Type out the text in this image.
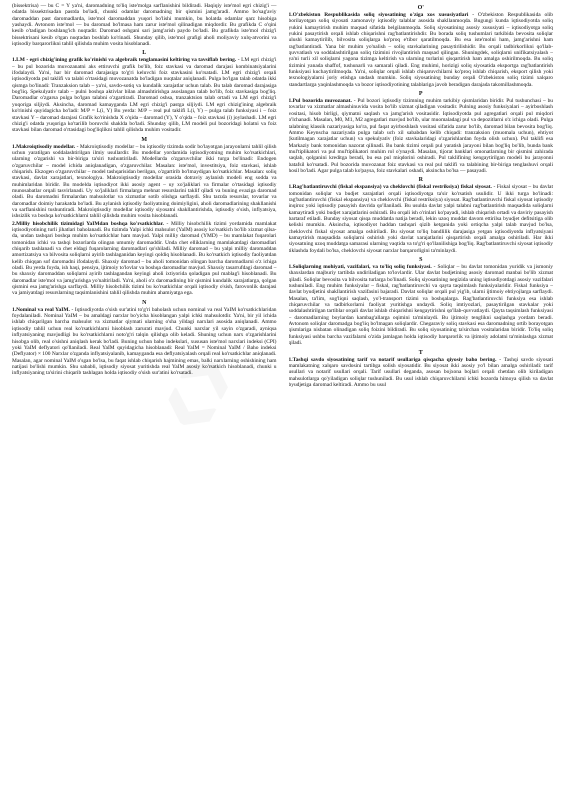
(bissektrisa) — bu C = Y ya'ni, daromadning to'liq iste'molga sarflanishini bildiradi. Haqiqiy iste'mol egri chizig'i — odatda bissektrisadan pastda bo'ladi, chunki odamlar daromadning bir qismini jamg'aradi. Ammo bo'sag'aviy daromaddan past daromadlarda, iste'mol daromaddan yuqori bo'lishi mumkin, bu holatda odamlar qarz hisobiga yashaydi. Avtonom iste'mol — bu daromad bo'lmasa ham zarur iste'mol qilinadigan miqdordir. Bu grafikda C o'qini kesib o'tadigan boshlang'ich nuqtadir. Daromad oshgani sari jamg'arish paydo bo'ladi. Bu grafikda iste'mol chizig'i bissektrisani kesib o'tgan nuqtadan boshlab ko'rinadi. Shunday qilib, iste'mol grafigi aholi moliyaviy xulq-atvorini va iqtisodiy barqarorlikni tahlil qilishda muhim vosita hisoblanadi.

L

1.LM - egri chizig'ining grafik ko'rinishi va algebraik tenglamasini keltiring va tavsiflab bering. - LM egri chizig'i – bu pul bozorida muvozanatni aks ettiruvchi grafik bo'lib, foiz stavkasi va daromad darajasi kombinatsiyalarini ifodalaydi. Ya'ni, har bir daromad darajasiga to'g'ri keluvchi foiz stavkasini ko'rsatadi. LM egri chizig'i orqali iqtisodiyotda pul taklifi va talabi o'rtasidagi muvozanatda bo'ladigan nuqtalar aniqlanadi. Pulga bo'lgan talab odatda ikki qismga bo'linadi: Tranzaksion talab – ya'ni, savdo-sotiq va kundalik xarajatlar uchun talab. Bu talab daromad darajasiga bog'liq. Spekulyativ talab – pulni boshqa aktivlar bilan almashtirishga asoslangan talab bo'lib, foiz stavkasiga bog'liq. Daromadlar o'zgarsa pulga bo'lgan talabni o'zgartiradi. Daromad oshsa, tranzaktsion talab ortadi va LM egri chizig'i yuqoriga siljiydi. Aksincha, daromad kamayganda LM egri chizig'i pastga siljiydi. LM egri chizig'ining algebraik ko'rinishi quyidagicha bo'ladi: M/P = L(i, Y) Bu yerda: M/P – real pul taklifi L(i, Y) – pulga talab funksiyasi i – foiz stavkasi Y – daromad darajasi Grafik ko'rinishda X o'qida – daromad (Y), Y o'qida – foiz stavkasi (i) joylashadi. LM egri chizig'i odatda yuqoriga ko'tarilib boruvchi shaklda bo'ladi. Shunday qilib, LM modeli pul bozoridagi holatni va foiz stavkasi bilan daromad o'rtasidagi bog'liqlikni tahlil qilishda muhim vositadir.

M

1.Makroiqtisodiy modellar. - Makroiqtisodiy modellar – bu iqtisodiy tizimda sodir bo'layotgan jarayonlarni tahlil qilish uchun yaratilgan soddalashtirilgan ilmiy usullardir. Bu modellar yordamida iqtisodiyotning muhim ko'rsatkichlari, ularning o'zgarishi va bir-biriga ta'siri tushuntiriladi. Modellarda o'zgaruvchilar ikki turga bo'linadi: Endogen o'zgaruvchilar – model ichida aniqlanadigan, o'zgaruvchilar. Masalan: iste'mol, investitsiya, foiz stavkasi, ishlab chiqarish. Ekzogen o'zgaruvchilar – model tashqarisidan berilgan, o'zgartirib bo'lmaydigan ko'rsatkichlar. Masalan: soliq stavkasi, davlat xarajatlari, texnologiya. Makroiqtisodiy modellar orasida dotraviy aylanish modeli eng sodda va muhimlaridan biridir. Bu modelda iqtisodiyot ikki asosiy agent – uy xo'jaliklari va firmalar o'rtasidagi iqtisodiy munosabatlar orqali tasvirlanadi. Uy xo'jaliklari firmalarga mehnat resurslarini taklif qiladi va buning evaziga daromad oladi. Bu daromadni firmalardan mahsulotlar va xizmatlar sotib olishga sarflaydi. Shu tarzda resurslar, tovarlar va daromadlar doimiy harakatda bo'ladi. Bu aylanish iqtisodiy faoliyatning doimiyligini, aholi daromadlarining shakllanishi va sarflanishini tushuntiradi. Makroiqtisodiy modellar iqtisodiy siyosatni shakllantirishda, iqtisodiy o'sish, inflyatsiya, ishsizlik va boshqa ko'rsatkichlarni tahlil qilishda muhim vosita hisoblanadi.

2.Milliy hisobchilik tizimidagi YaIMdan boshqa ko'rsatkichlar. - Milliy hisobchilik tizimi yordamida mamlakat iqtisodiyotining turli jihatlari baholanadi. Bu tizimda Yalpi ichki mahsulot (YaIM) asosiy ko'rsatkich bo'lib xizmat qilsa-da, undan tashqari boshqa muhim ko'rsatkichlar ham mavjud. Yalpi milliy daromad (YMD) – bu mamlakat fuqarolari tomonidan ichki va tashqi bozorlarda olingan umumiy daromaddir. Unda chet elliklarning mamlakatdagi daromadlari chiqarib tashlanadi va chet eldagi fuqarolarning daromadlari qo'shiladi. Milliy daromad – bu yalpi milliy daromaddan amortizatsiya va bilvosita soliqlarni ayirib tashlaganidan keyingi qoldiq hisoblanadi. Bu ko'rsatkich iqtisodiy faoliyatdan kelib chiqqan sof daromadni ifodalaydi. Shaxsiy daromad – bu aholi tomonidan olingan barcha daromadlarni o'z ichiga oladi. Bu yerda foyda, ish haqi, pensiya, ijtimoiy to'lovlar va boshqa daromadlar mavjud. Shaxsiy tasarrufdagi daromad – bu shaxsiy daromaddan soliqlarni ayirib tashlagandan keyingi aholi ixtiyorida qoladigan pul mablag'i hisoblanadi. Bu daromadlar iste'mol va jamg'arishga yo'naltiriladi. Ya'ni, aholi o'z daromadining bir qismini kundalik xarajatlarga, qolgan qismini esa jamg'arishga sarflaydi. Milliy hisobchilik tizimi bu ko'rsatkichlar orqali iqtisodiy o'sish, farovonlik darajasi va jamiyatdagi resurslarning taqsimlanishini tahlil qilishda muhim ahamiyatga ega.

N

1.Nominal va real YaIM. - Iqtisodiyotda o'sish sur'atini to'g'ri baholash uchun nominal va real YaIM ko'rsatkichlaridan foydalaniladi. Nominal YaIM – bu amaldagi narxlar bo'yicha hisoblangan yalpi ichki mahsulotdir. Ya'ni, bir yil ichida ishlab chiqarilgan barcha mahsulot va xizmatlar qiymati ularning o'sha yildagi narxlari asosida aniqlanadi. Ammo iqtisodiy tahlil uchun real ko'rsatkichlarni hisoblash zarurati mavjud. Chunki narxlar yil sayin o'zgaradi, ayniqsa inflyatsiyaning mavjudligi bu ko'rsatkichlarni noto'g'ri talqin qilishga olib keladi. Shuning uchun narx o'zgarishlarini hisobga olib, real o'sishni aniqlash kerak bo'ladi. Buning uchun baho indekslari, xususan iste'mol narxlari indeksi (CPI) yoki YaIM deflyatori qo'llaniladi. Real YaIM quyidagicha hisoblanadi: Real YaIM = Nominal YaIM / Baho indeksi (Deflyator) × 100 Narxlar o'zganda inflyatsiyalanib, kamayganda esa deflyatsiyalash orqali real ko'rsatkichlar aniqlanadi. Masalan, agar nominal YaIM o'sgan bo'lsa, bu faqat ishlab chiqarish hajmining emas, balki narxlarning oshishining ham natijasi bo'lishi mumkin. Shu sababli, iqtisodiy siyosat yuritishda real YaIM asosiy ko'rsatkich hisoblanadi, chunki u inflyatsiyaning ta'sirini chiqarib tashlagan holda iqtisodiy o'sish sur'atini ko'rsatadi.

O'

1.O'zbekiston Respublikasida soliq siyosatining o'ziga xos xususiyatlari - O'zbekiston Respublikasida olib borilayotgan soliq siyosati zamonaviy iqtisodiy talablar asosida shakllanmoqda. Bugungi kunda iqtisodiyotda soliq yukini kamaytirish muhim maqsad sifatida belgilanmoqda. Soliq siyosatining asosiy xususiyati – iqtisodiyotga soliq yukini pasaytirish orqali ishlab chiqarishni rag'batlantirishdir. Bu borada soliq tushumlari tarkibida bevosita soliqlar ulushi kamaytirilib, bilvosita soliqlarga ko'proq e'tibor qaratilmoqda. Bu esa iste'molni ham, jamg'arishni ham rag'batlantiradi. Yana bir muhim yo'nalish – soliq stavkalarining pasaytirilishidir. Bu orqali tadbirkorlikni qo'llab-quvvatlash va soddalashtirilgan soliq tizimini rivojlantirish maqsad qilingan. Shuningdek, soliqlarni unifikatsiyalash – ya'ni turli xil soliqlarni yagona tizimga keltirish va ularning turlarini qisqartirish ham amalga oshirilmoqda. Bu soliq tizimini yanada shaffof, tushunarli va samarali qiladi. Eng muhimi, horizigi soliq siyosatida eksportga rag'batlantirish funksiyasi kuchaytirilmoqda. Ya'ni, soliqlar orqali ishlab chiqaruvchilarni ko'proq ishlab chiqarish, eksport qilish yoki texnologiyalarni joriy etishga undash mumkin. Soliq siyosatining bunday orqali O'zbekiston soliq tizimi xalqaro standartlarga yaqinlashmoqda va bozor iqtisodiyotining talablariga javob beradigan darajada takomillashmoqda.

P

1.Pul bozorida muvozanat. - Pul bozori iqtisodiy tizimning muhim tarkibiy qismlaridan biridir. Pul tushunchasi – bu tovarlar va xizmatlar almashinuvida vosita bo'lib xizmat qiladigan vositadir. Pulning asosiy funksiyalari – ayirboshlash vositasi, hisob birligi, qiymatni saqlash va jamg'arish vositasidir. Iqtisodiyotda pul agregatlari orqali pul miqdori o'lchanadi. Masalan, M0, M1, M2 agregatlari mavjud bo'lib, ular muomaladagi pul va depozitlarni o'z ichiga oladi. Pulga talabning klassik nazariyasiga ko'ra, pul faqat ayirboshlash vositasi sifatida zarur bo'lib, daromad bilan bevosita bog'liq. Ammo Keynscha nazariyada pulga talab uch xil sababdan kelib chiqadi: tranzaksion (muomala uchun), ehtiyot (kutilmagan xarajatlar uchun) va spekulyativ (foiz stavkalaridagi o'zgarishlardan foyda olish uchun). Pul taklifi esa Markaziy bank tomonidan nazorat qilinadi. Bu bank tizimi orqali pul yaratish jarayoni bilan bog'liq bo'lib, bunda bank mul'tiplikatori va pul mul'tiplikatori muhim rol o'ynaydi. Masalan, tijorat banklari omonatlarning bir qismini zahirada saqlab, qolganini kreditga beradi, bu esa pul miqdorini oshiradi. Pul taklifining kengaytirilgan modeli bu jarayonni batafsil ko'rsatadi. Pul bozorida muvozanat foiz stavkasi va real pul taklifi va talabining bir-biriga tenglashuvi orqali hosil bo'ladi. Agar pulga talab ko'paysa, foiz stavkalari oshadi, aksincha bo'lsa — pasayadi.

R

1.Rag'batlantiruvchi (fiskal ekspansiya) va cheklovchi (fiskal restriksiya) fiskal siyosat. - Fiskal siyosat – bu davlat tomonidan soliqlar va budjet xarajatlari orqali iqtisodiyotga ta'sir ko'rsatish usulidir. U ikki turga bo'linadi: rag'batlantiruvchi (fiskal ekspansiya) va cheklovchi (fiskal restriksiya) siyosat. Rag'batlantiruvchi fiskal siyosat iqtisodiy inqiroz yoki iqtisodiy pasayish davrida qo'llaniladi. Bu usulda davlat yalpi talabni rag'batlantirish maqsadida soliqlarni kamaytiradi yoki budjet xarajatlarini oshiradi. Bu orqali ish o'rinlari ko'payadi, ishlab chiqarish ortadi va daviriy pasayish bartaraf etiladi. Bunday siyosat qisqa muddatda natija beradi, lekin uzoq muddat davom ettirilsa byudjet defitsitiga olib kelishi mumkin. Aksincha, iqtisodiyot haddan tashqari qizib ketganida yoki ortiqcha yalpi talab mavjud bo'lsa, cheklovchi fiskal siyosat amalga oshiriladi. Bu siyosat to'liq bandlilik darajasiga yetgan iqtisodiyotda inflyatsiyani kamaytirish maqsadida soliqlarni oshirish yoki davlat xarajatlarini qisqartirish orqali amalga oshiriladi. Har ikki siyosatning uzoq muddatga samarasi ularning vaqtida va to'g'ri qo'llanilishiga bog'liq. Rag'batlantiruvchi siyosat iqtisodiy tiklashda foydali bo'lsa, cheklovchi siyosat narxlar barqarorligini ta'minlaydi.

S

1.Soliqlarning mohiyati, vazifalari, va to'liq soliq funksiyasi. - Soliqlar – bu davlat tomonidan yuridik va jismoniy shaxslardan majburiy tartibda undiriladigan to'lovlardir. Ular davlat budjetining asosiy daromad manbai bo'lib xizmat qiladi. Soliqlar bevosita va bilvosita turlarga bo'linadi. Soliq siyosatining negizida uning iqtisodiyotdagi asosiy vazifalari tushuniladi. Eng muhim funksiyalar – fiskal, rag'batlantiruvchi va qayta taqsimlash funksiyalaridir. Fiskal funksiya – davlat byudjetini shakllantirish vazifasini bajaradi. Davlat soliqlar orqali pul yig'ib, ularni ijtimoiy ehtiyojlarga sarflaydi. Masalan, ta'lim, sog'liqni saqlash, yo'l-transport tizimi va boshqalarga. Rag'batlantiruvchi funksiya esa ishlab chiqaruvchilar va tadbirkorlarni faoliyat yuritishga undaydi. Soliq imtiyozlari, pasaytirilgan stavkalar yoki soddalashtirilgan tartiblar orqali davlat ishlab chiqarishni kengaytirishni qo'llab-quvvatlaydi. Qayta taqsimlash funksiyasi – daromadlarning boylardan kambag'allarga oqimini ta'minlaydi. Bu ijtimoiy tenglikni saqlashga yordam beradi. Avtonom soliqlar daromadga bog'liq bo'lmagan soliqlardir. Chegaraviy soliq stavkasi esa daromadning ortib borayotgan qismlariga nisbatan olinadigan soliq foizini bildiradi. Bu soliq siyosatining ta'sirchan vositalaridan biridir. To'liq soliq funksiyasi ushbu barcha vazifalarni o'zida jamlagan holda iqtisodiy barqarorlik va ijtimoiy adolatni ta'minlashga xizmat qiladi.

T

1.Tashqi savdo siyosatining tarif va notarif usullariga qisqacha qiyosiy baho bering. - Tashqi savdo siyosati mamlakatning xalqaro savdosini tartibga solish siyosatidir. Bu siyosat ikki asosiy yo'l bilan amalga oshiriladi: tarif usullari va notarif usullari orqali. Tarif usullari deganda, asosan bojxona bojlari orqali chetdan olib kiriladigan mahsulotlarga qo'yiladigan soliqlar tushuniladi. Bu usul ishlab chiqaruvchilarni ichki bozorda himoya qilish va davlat byudjetiga daromad keltiradi. Ammo bu usul
